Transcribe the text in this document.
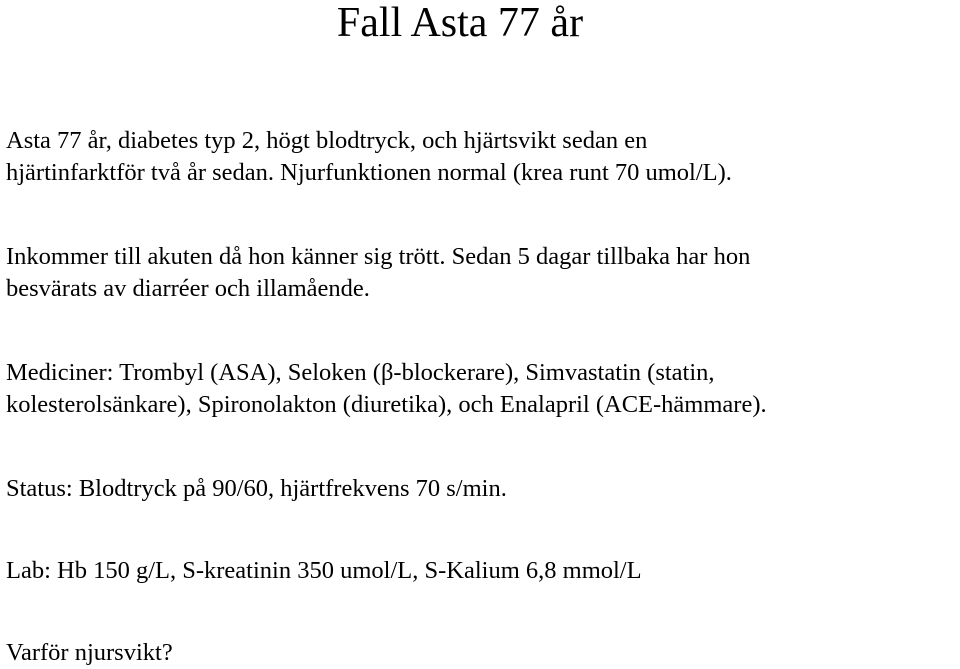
Fall Asta 77 år

Asta 77 år, diabetes typ 2, högt blodtryck, och hjärtsvikt sedan en
hjärtinfarktför två år sedan. Njurfunktionen normal (krea runt 70 umol/L).

Inkommer till akuten då hon känner sig trött. Sedan 5 dagar tillbaka har hon
besvärats av diarréer och illamående.

Mediciner: Trombyl (ASA), Seloken (β-blockerare), Simvastatin (statin,
kolesterolsänkare), Spironolakton (diuretika), och Enalapril (ACE-hämmare).

Status: Blodtryck på 90/60, hjärtfrekvens 70 s/min.

Lab: Hb 150 g/L, S-kreatinin 350 umol/L, S-Kalium 6,8 mmol/L

Varför njursvikt?
